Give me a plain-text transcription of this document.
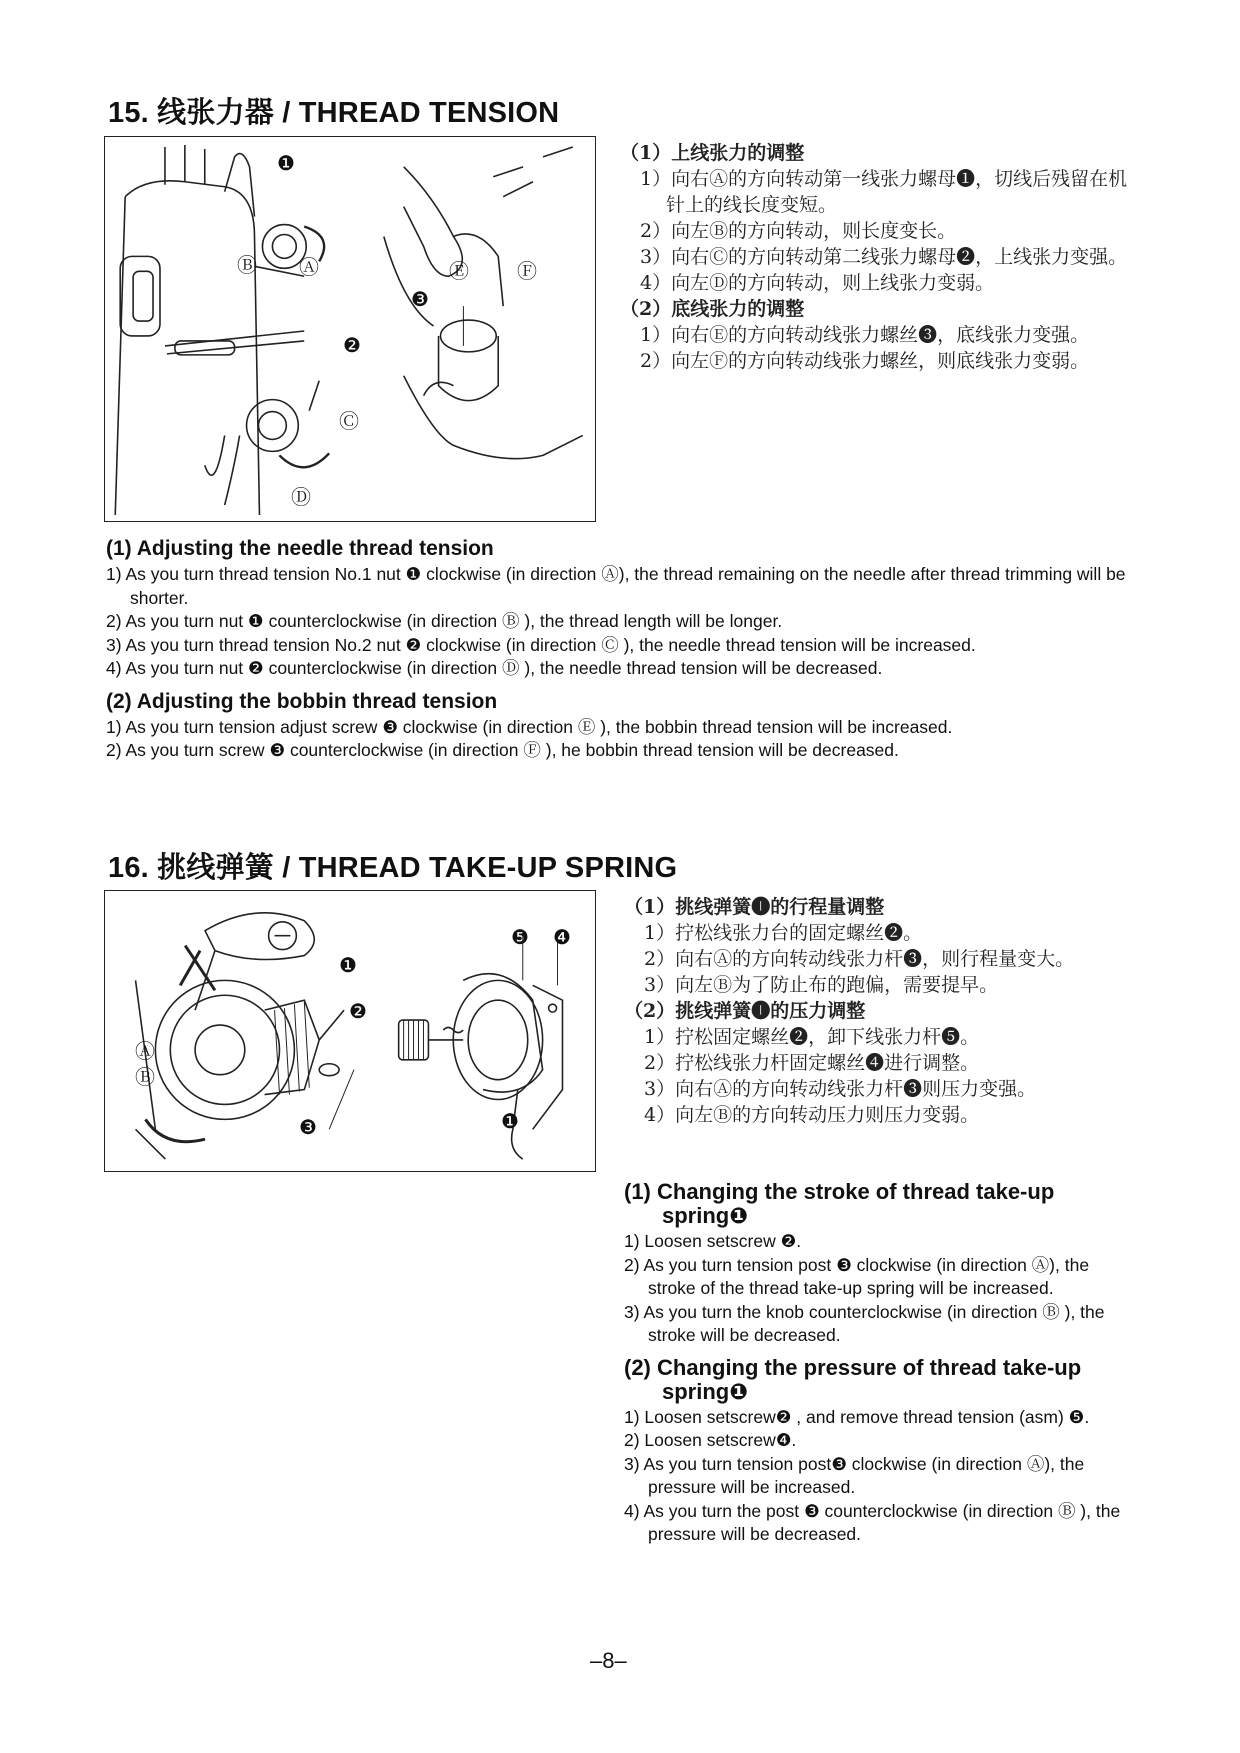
15. 线张力器 / THREAD TENSION
❶
Ⓐ
Ⓑ	Ⓔ Ⓕ
❸
❷
Ⓒ
Ⓓ
（1）上线张力的调整
1）向右Ⓐ的方向转动第一线张力螺母❶，切线后残留在机针上的线长度变短。
2）向左Ⓑ的方向转动，则长度变长。
3）向右Ⓒ的方向转动第二线张力螺母❷，上线张力变强。
4）向左Ⓓ的方向转动，则上线张力变弱。
（2）底线张力的调整
1）向右Ⓔ的方向转动线张力螺丝❸，底线张力变强。
2）向左Ⓕ的方向转动线张力螺丝，则底线张力变弱。
(1) Adjusting the needle thread tension
1) As you turn thread tension No.1 nut ❶ clockwise (in direction Ⓐ), the thread remaining on the needle after thread trimming will be shorter.
2) As you turn nut ❶ counterclockwise (in direction Ⓑ ), the thread length will be longer.
3) As you turn thread tension No.2 nut ❷ clockwise (in direction Ⓒ ), the needle thread tension will be increased.
4) As you turn nut ❷ counterclockwise (in direction Ⓓ ), the needle thread tension will be decreased.
(2) Adjusting the bobbin thread tension
1) As you turn tension adjust screw ❸ clockwise (in direction Ⓔ ), the bobbin thread tension will be increased.
2) As you turn screw ❸ counterclockwise (in direction Ⓕ ), he bobbin thread tension will be decreased.
16. 挑线弹簧 / THREAD TAKE-UP SPRING
❺ ❹
❶
❷
Ⓐ
Ⓑ
❸	❶
（1）挑线弹簧❶的行程量调整
1）拧松线张力台的固定螺丝❷。
2）向右Ⓐ的方向转动线张力杆❸，则行程量变大。
3）向左Ⓑ为了防止布的跑偏，需要提早。
（2）挑线弹簧❶的压力调整
1）拧松固定螺丝❷，卸下线张力杆❺。
2）拧松线张力杆固定螺丝❹进行调整。
3）向右Ⓐ的方向转动线张力杆❸则压力变强。
4）向左Ⓑ的方向转动压力则压力变弱。
(1) Changing the stroke of thread take-up spring❶
1) Loosen setscrew ❷.
2) As you turn tension post ❸ clockwise (in direction Ⓐ), the stroke of the thread take-up spring will be increased.
3) As you turn the knob counterclockwise (in direction Ⓑ ), the stroke will be decreased.
(2) Changing the pressure of thread take-up spring❶
1) Loosen setscrew❷ , and remove thread tension (asm) ❺.
2) Loosen setscrew❹.
3) As you turn tension post❸ clockwise (in direction Ⓐ), the pressure will be increased.
4) As you turn the post ❸ counterclockwise (in direction Ⓑ ), the pressure will be decreased.
–8–
